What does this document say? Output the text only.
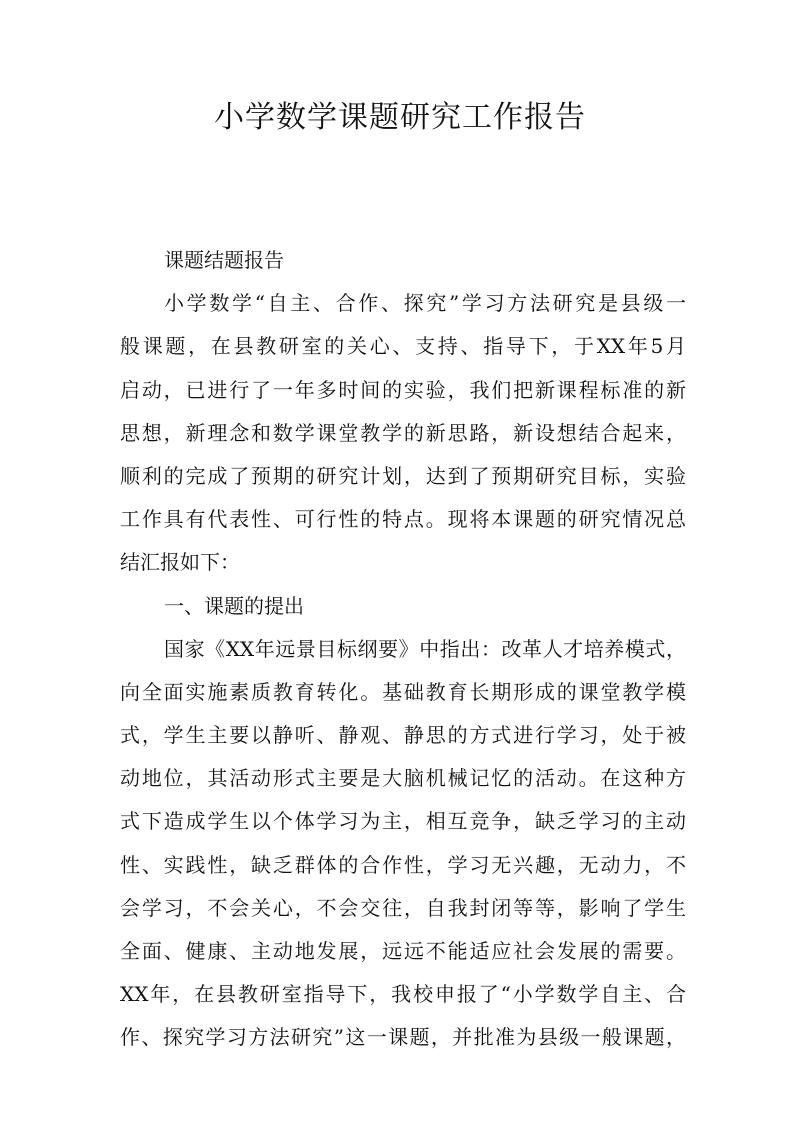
小学数学课题研究工作报告
课题结题报告
小学数学“自主、合作、探究”学习方法研究是县级一
般课题，在县教研室的关心、支持、指导下，于XX年5月
启动，已进行了一年多时间的实验，我们把新课程标准的新
思想，新理念和数学课堂教学的新思路，新设想结合起来，
顺利的完成了预期的研究计划，达到了预期研究目标，实验
工作具有代表性、可行性的特点。现将本课题的研究情况总
结汇报如下：
一、课题的提出
国家《XX年远景目标纲要》中指出：改革人才培养模式，
向全面实施素质教育转化。基础教育长期形成的课堂教学模
式，学生主要以静听、静观、静思的方式进行学习，处于被
动地位，其活动形式主要是大脑机械记忆的活动。在这种方
式下造成学生以个体学习为主，相互竞争，缺乏学习的主动
性、实践性，缺乏群体的合作性，学习无兴趣，无动力，不
会学习，不会关心，不会交往，自我封闭等等，影响了学生
全面、健康、主动地发展，远远不能适应社会发展的需要。
XX年，在县教研室指导下，我校申报了“小学数学自主、合
作、探究学习方法研究”这一课题，并批准为县级一般课题，
